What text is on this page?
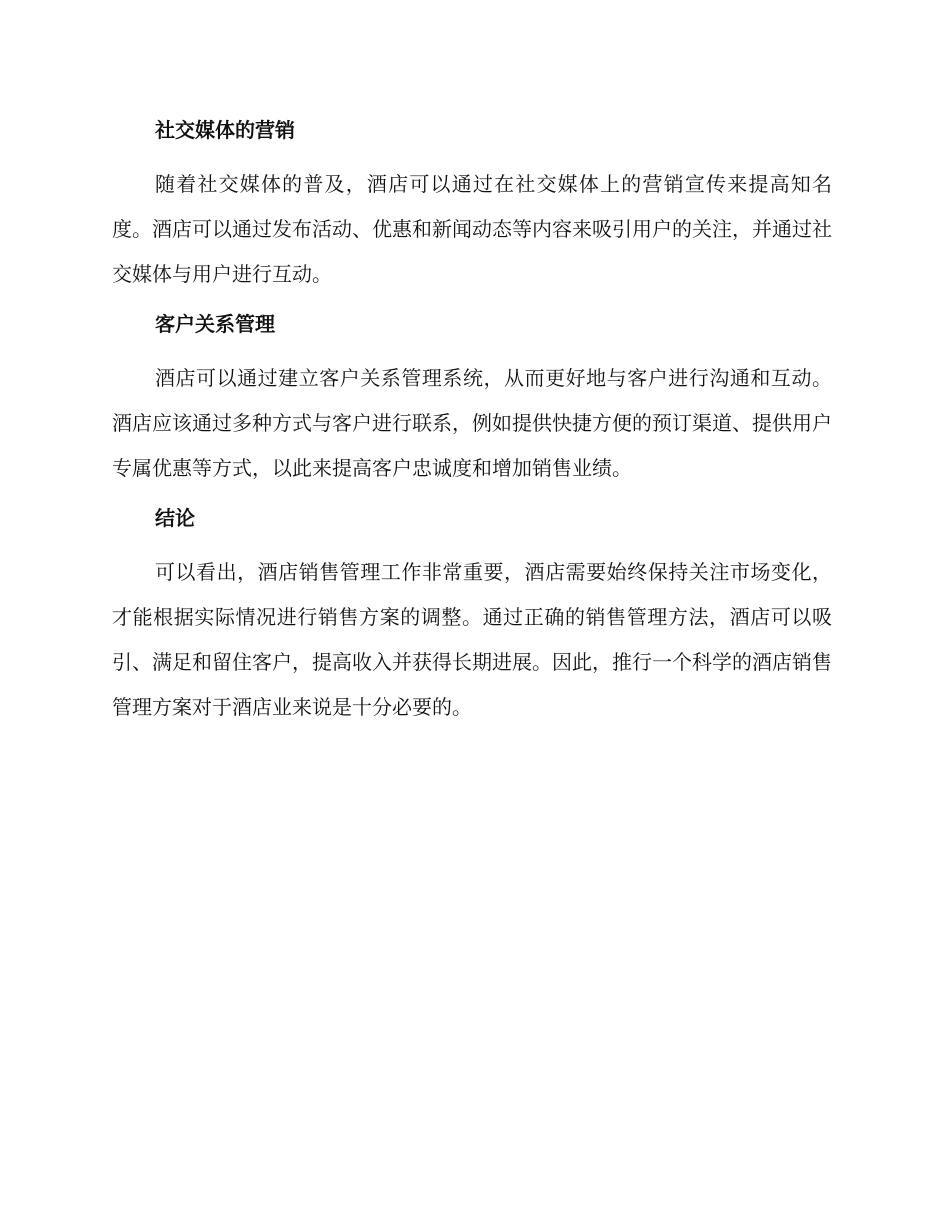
社交媒体的营销

随着社交媒体的普及，酒店可以通过在社交媒体上的营销宣传来提高知名度。酒店可以通过发布活动、优惠和新闻动态等内容来吸引用户的关注，并通过社交媒体与用户进行互动。

客户关系管理

酒店可以通过建立客户关系管理系统，从而更好地与客户进行沟通和互动。酒店应该通过多种方式与客户进行联系，例如提供快捷方便的预订渠道、提供用户专属优惠等方式，以此来提高客户忠诚度和增加销售业绩。

结论

可以看出，酒店销售管理工作非常重要，酒店需要始终保持关注市场变化，才能根据实际情况进行销售方案的调整。通过正确的销售管理方法，酒店可以吸引、满足和留住客户，提高收入并获得长期进展。因此，推行一个科学的酒店销售管理方案对于酒店业来说是十分必要的。
